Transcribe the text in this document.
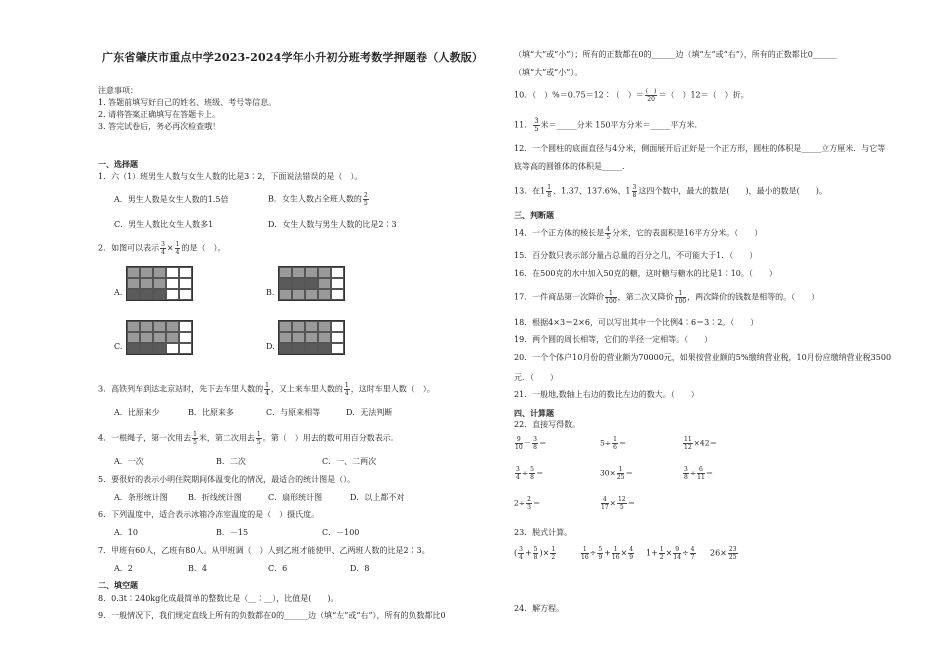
广东省肇庆市重点中学2023-2024学年小升初分班考数学押题卷（人教版）
注意事项：
1. 答题前填写好自己的姓名、班级、考号等信息。
2. 请将答案正确填写在答题卡上。
3. 答完试卷后，务必再次检查哦！
一、选择题
1．六（1）班男生人数与女生人数的比是3∶2，下面说法错误的是（　）。
A．男生人数是女生人数的1.5倍	B．女生人数占全班人数的 $\frac{2}{5}$
C．男生人数比女生人数多1	D．女生人数与男生人数的比是2∶3
2．如图可以表示 $\frac{3}{4} \times \frac{1}{4}$ 的是（　）。
A.	B.
C.	D.
3．高铁列车到达北京站时，先下去车里人数的 $\frac{1}{4}$ ，又上来车里人数的 $\frac{1}{4}$ ，这时车里人数（　）。
A．比原来少	B．比原来多	C．与原来相等	D．无法判断
4．一根绳子，第一次用去 $\frac{1}{5}$ 米，第二次用去 $\frac{1}{5}$ 。第（　）用去的数可用百分数表示.
A．一次	B．二次	C．一、二两次
5．要很好的表示小明住院期间体温变化的情况，最适合的统计图是（）。
A．条形统计图	B．折线统计图	C．扇形统计图	D．以上都不对
6．下列温度中，适合表示冰箱冷冻室温度的是（　）摄氏度。
A．10	B．－15	C．－100
7．甲班有60人，乙班有80人。从甲班调（　）人到乙班才能使甲、乙两班人数的比是2∶3。
A．2	B．4	C．6	D．8
二、填空题
8．0.3t∶240kg化成最简单的整数比是（__∶__），比值是(　　)。
9．一般情况下，我们规定直线上所有的负数都在0的______边（填“左”或“右”），所有的负数都比0
（填“大”或“小”）；所有的正数都在0的______边（填“左”或“右”），所有的正数都比0______
（填“大”或“小”）。
10．（　）%＝0.75＝12∶（　）＝ $\frac{( )}{20}$ ＝（　）12＝（　）折。
11． $\frac{3}{5}$ 米＝_____分米 150平方分米＝_____平方米.
12．一个圆柱的底面直径与4分米，侧面展开后正好是一个正方形，圆柱的体积是_____立方厘米．与它等
底等高的圆锥体的体积是_____.
13．在$1 \frac{1}{8}$ 、1.37、137.6%、$1 \frac{3}{8}$ 这四个数中，最大的数是(　　)，最小的数是(　　)。
三、判断题
14．一个正方体的棱长是 $\frac{4}{5}$ 分米，它的表面积是16平方分米。（　　）
15．百分数只表示部分量占总量的百分之几，不可能大于1．（　　）
16．在500克的水中加入50克的糖，这时糖与糖水的比是1∶10。（　　）
17．一件商品第一次降价 $\frac{1}{100}$ ，第二次又降价 $\frac{1}{100}$ ，两次降价的钱数是相等的。（　　）
18．根据4×3＝2×6，可以写出其中一个比例4∶6＝3∶2。（　　）
19．两个圆的周长相等，它们的半径一定相等。（　　）
20．一个个体户10月份的营业额为70000元，如果按营业额的5%缴纳营业税，10月份应缴纳营业税3500
元．（　　）
21．一般地,数轴上右边的数比左边的数大。（　　）
四、计算题
22．直接写得数。
$\frac{9}{10} - \frac{3}{8}$ ＝	$5\div \frac{1}{6}$ ＝	$\frac{11}{12} \times 42=$
$\frac{3}{4} \div \frac{5}{8}$ ＝	$30\times \frac{1}{25}$ ＝	$\frac{3}{8} \div \frac{6}{11}$ ＝
$2\div \frac{2}{3}$ ＝	$\frac{4}{17} \times \frac{12}{5}$ ＝
23．脱式计算。
( $\frac{3}{4} + \frac{5}{8}$ )× $\frac{1}{2}$	$\frac{1}{16} \div \frac{5}{9} + \frac{1}{16} \times \frac{4}{9} 1+ \frac{1}{2} \times \frac{9}{14} \div \frac{4}{7} 26\times \frac{23}{25}$
24．解方程。
